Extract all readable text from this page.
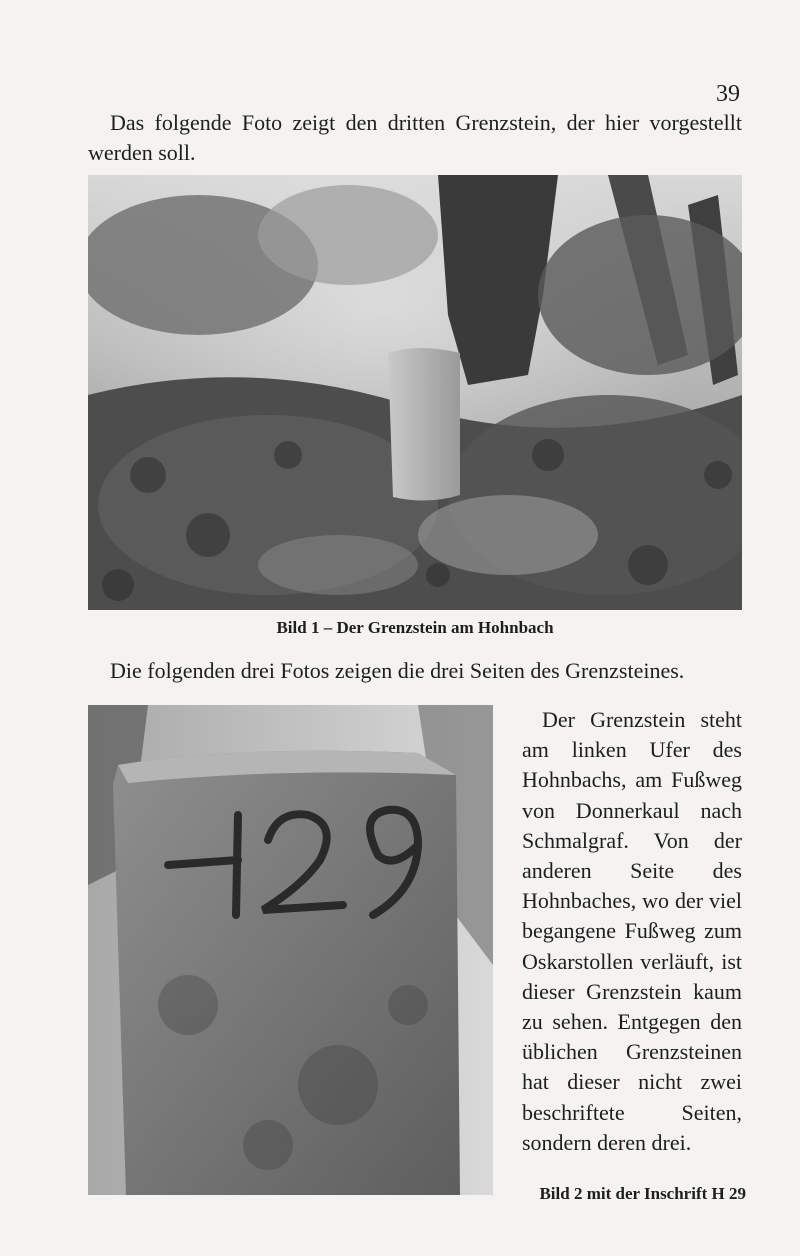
39

Das folgende Foto zeigt den dritten Grenzstein, der hier vorgestellt werden soll.

Bild 1 – Der Grenzstein am Hohnbach

Die folgenden drei Fotos zeigen die drei Seiten des Grenzsteines.

Der Grenzstein steht am linken Ufer des Hohnbachs, am Fußweg von Donnerkaul nach Schmalgraf. Von der anderen Seite des Hohnbaches, wo der viel begangene Fußweg zum Oskarstollen verläuft, ist dieser Grenzstein kaum zu sehen. Entgegen den üblichen Grenzsteinen hat dieser nicht zwei beschriftete Seiten, sondern deren drei.
Bild 2 mit der Inschrift H 29
